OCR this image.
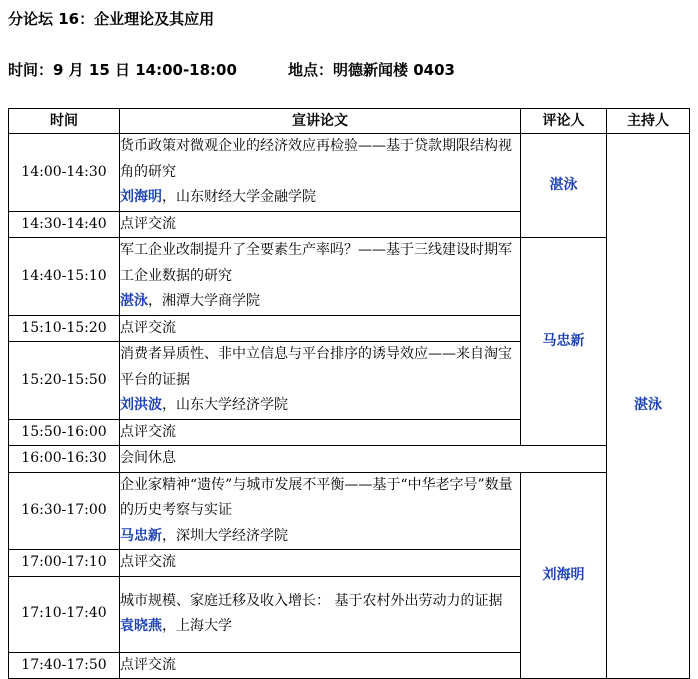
分论坛 16：企业理论及其应用
时间：9 月 15 日 14:00-18:00	地点：明德新闻楼 0403
时间	宣讲论文	评论人	主持人
14:00-14:30	货币政策对微观企业的经济效应再检验——基于贷款期限结构视角的研究
刘海明，山东财经大学金融学院	湛泳	湛泳
14:30-14:40	点评交流		
14:40-15:10	军工企业改制提升了全要素生产率吗？——基于三线建设时期军工企业数据的研究
湛泳，湘潭大学商学院	马忠新	
15:10-15:20	点评交流		
15:20-15:50	消费者异质性、非中立信息与平台排序的诱导效应——来自淘宝平台的证据
刘洪波，山东大学经济学院		

15:50-16:00	点评交流		
16:00-16:30	会间休息		
16:30-17:00	企业家精神“遗传”与城市发展不平衡——基于“中华老字号”数量的历史考察与实证
马忠新，深圳大学经济学院	刘海明	
17:00-17:10	点评交流		
17:10-17:40	城市规模、家庭迁移及收入增长： 基于农村外出劳动力的证据
袁晓燕，上海大学		

17:40-17:50	点评交流		
